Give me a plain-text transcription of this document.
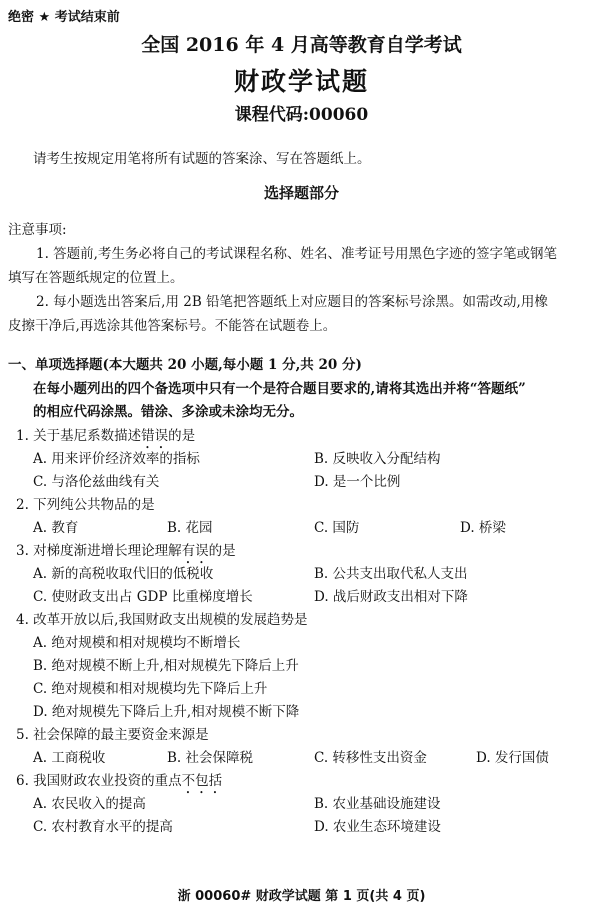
绝密 ★ 考试结束前
全国 2016 年 4 月高等教育自学考试
财政学试题
课程代码:00060
请考生按规定用笔将所有试题的答案涂、写在答题纸上。
选择题部分
注意事项:
1. 答题前,考生务必将自己的考试课程名称、姓名、准考证号用黑色字迹的签字笔或钢笔
填写在答题纸规定的位置上。
2. 每小题选出答案后,用 2B 铅笔把答题纸上对应题目的答案标号涂黑。如需改动,用橡
皮擦干净后,再选涂其他答案标号。不能答在试题卷上。
一、单项选择题(本大题共 20 小题,每小题 1 分,共 20 分)
在每小题列出的四个备选项中只有一个是符合题目要求的,请将其选出并将“答题纸”
的相应代码涂黑。错涂、多涂或未涂均无分。
1. 关于基尼系数描述错误的是
A. 用来评价经济效率的指标	B. 反映收入分配结构
C. 与洛伦兹曲线有关	D. 是一个比例
2. 下列纯公共物品的是
A. 教育	B. 花园	C. 国防	D. 桥梁
3. 对梯度渐进增长理论理解有误的是
A. 新的高税收取代旧的低税收	B. 公共支出取代私人支出
C. 使财政支出占 GDP 比重梯度增长	D. 战后财政支出相对下降
4. 改革开放以后,我国财政支出规模的发展趋势是
A. 绝对规模和相对规模均不断增长
B. 绝对规模不断上升,相对规模先下降后上升
C. 绝对规模和相对规模均先下降后上升
D. 绝对规模先下降后上升,相对规模不断下降
5. 社会保障的最主要资金来源是
A. 工商税收	B. 社会保障税	C. 转移性支出资金	D. 发行国债
6. 我国财政农业投资的重点不包括
A. 农民收入的提高	B. 农业基础设施建设
C. 农村教育水平的提高	D. 农业生态环境建设
浙 00060# 财政学试题 第 1 页(共 4 页)
